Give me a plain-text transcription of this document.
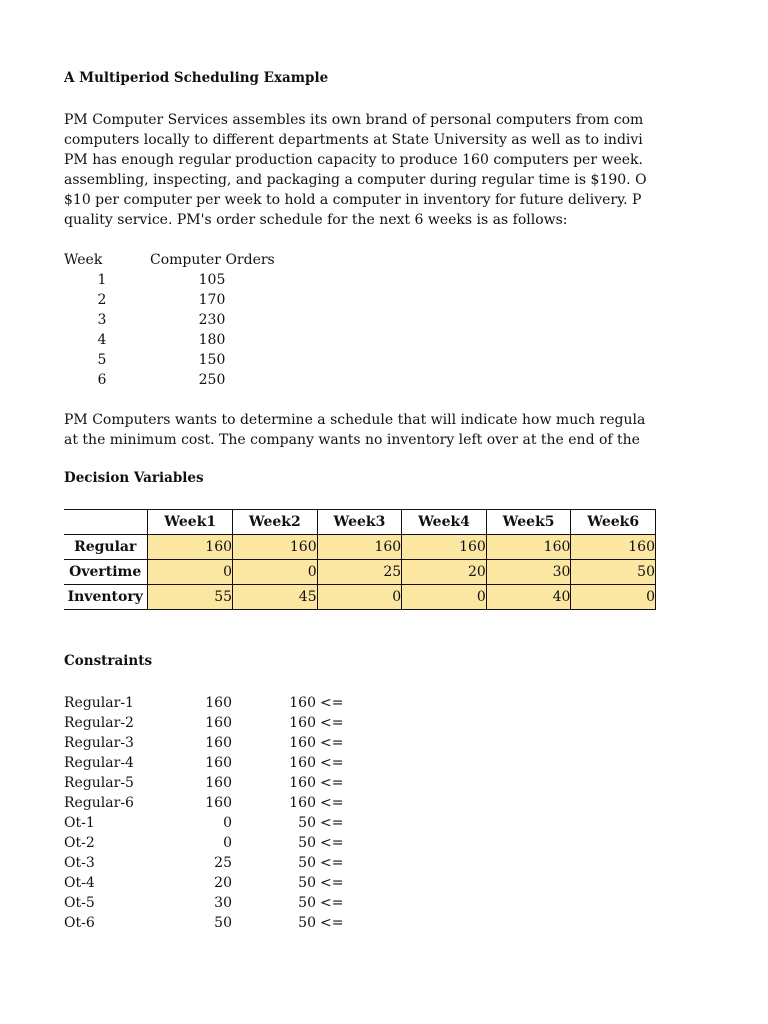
A Multiperiod Scheduling Example
PM Computer Services assembles its own brand of personal computers from com
computers locally to different departments at State University as well as to indivi
PM has enough regular production capacity to produce 160 computers per week.
assembling, inspecting, and packaging a computer during regular time is $190. O
$10 per computer per week to hold a computer in inventory for future delivery. P
quality service. PM's order schedule for the next 6 weeks is as follows:
Week	Computer Orders
1	105
2	170
3	230
4	180
5	150
6	250
PM Computers wants to determine a schedule that will indicate how much regula
at the minimum cost. The company wants no inventory left over at the end of the
Decision Variables
	Week1	Week2	Week3	Week4	Week5	Week6
Regular	160	160	160	160	160	160
Overtime	0	0	25	20	30	50
Inventory	55	45	0	0	40	0
Constraints
Regular-1	160	160 <=
Regular-2	160	160 <=
Regular-3	160	160 <=
Regular-4	160	160 <=
Regular-5	160	160 <=
Regular-6	160	160 <=
Ot-1	0	50 <=
Ot-2	0	50 <=
Ot-3	25	50 <=
Ot-4	20	50 <=
Ot-5	30	50 <=
Ot-6	50	50 <=
